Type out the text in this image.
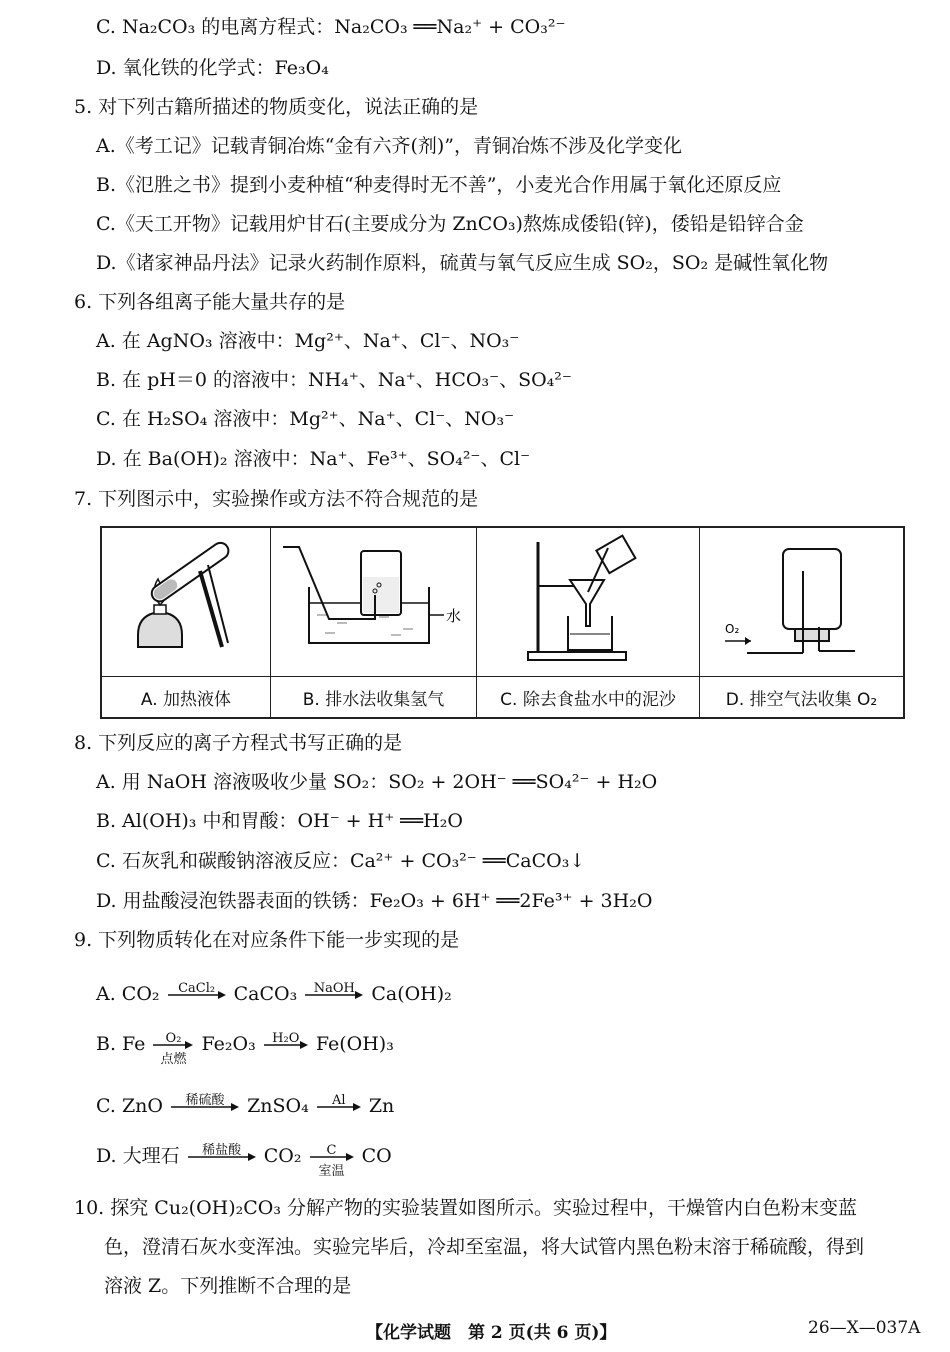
C. Na₂CO₃ 的电离方程式：Na₂CO₃ ══Na₂⁺ + CO₃²⁻
D. 氧化铁的化学式：Fe₃O₄
5. 对下列古籍所描述的物质变化，说法正确的是
A.《考工记》记载青铜冶炼“金有六齐(剂)”，青铜冶炼不涉及化学变化
B.《氾胜之书》提到小麦种植“种麦得时无不善”，小麦光合作用属于氧化还原反应
C.《天工开物》记载用炉甘石(主要成分为 ZnCO₃)熬炼成倭铅(锌)，倭铅是铅锌合金
D.《诸家神品丹法》记录火药制作原料，硫黄与氧气反应生成 SO₂，SO₂ 是碱性氧化物
6. 下列各组离子能大量共存的是
A. 在 AgNO₃ 溶液中：Mg²⁺、Na⁺、Cl⁻、NO₃⁻
B. 在 pH＝0 的溶液中：NH₄⁺、Na⁺、HCO₃⁻、SO₄²⁻
C. 在 H₂SO₄ 溶液中：Mg²⁺、Na⁺、Cl⁻、NO₃⁻
D. 在 Ba(OH)₂ 溶液中：Na⁺、Fe³⁺、SO₄²⁻、Cl⁻
7. 下列图示中，实验操作或方法不符合规范的是

水		O₂

A. 加热液体	B. 排水法收集氢气	C. 除去食盐水中的泥沙	D. 排空气法收集 O₂
8. 下列反应的离子方程式书写正确的是
A. 用 NaOH 溶液吸收少量 SO₂：SO₂ + 2OH⁻ ══SO₄²⁻ + H₂O
B. Al(OH)₃ 中和胃酸：OH⁻ + H⁺ ══H₂O
C. 石灰乳和碳酸钠溶液反应：Ca²⁺ + CO₃²⁻ ══CaCO₃↓
D. 用盐酸浸泡铁器表面的铁锈：Fe₂O₃ + 6H⁺ ══2Fe³⁺ + 3H₂O
9. 下列物质转化在对应条件下能一步实现的是
A. CO₂	CaCl₂ CaCO₃	NaOH Ca(OH)₂
B. Fe	O₂
点燃
Fe₂O₃	H₂O Fe(OH)₃
C. ZnO	稀硫酸	ZnSO₄	Al	Zn
D. 大理石	稀盐酸	CO₂	C
室温
CO
10. 探究 Cu₂(OH)₂CO₃ 分解产物的实验装置如图所示。实验过程中，干燥管内白色粉末变蓝
色，澄清石灰水变浑浊。实验完毕后，冷却至室温，将大试管内黑色粉末溶于稀硫酸，得到
溶液 Z。下列推断不合理的是
【化学试题　第 2 页(共 6 页)】	26—X—037A
